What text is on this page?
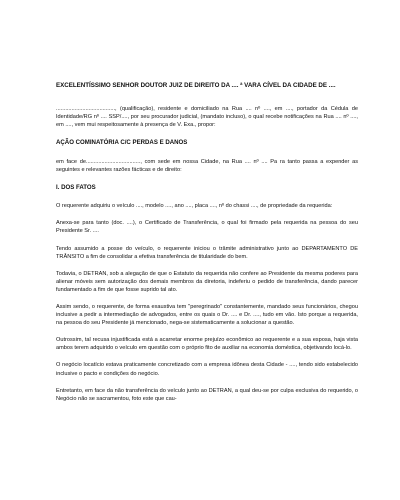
EXCELENTÍSSIMO SENHOR DOUTOR JUIZ DE DIREITO DA .... ª VARA CÍVEL DA CIDADE DE ....
......................................, (qualificação), residente e domiciliado na Rua .... nº ...., em ...., portador da Cédula de Identidade/RG nº .... SSP/...., por seu procurador judicial, (mandato incluso), o qual recebe notificações na Rua .... nº ...., em ...., vem mui respeitosamente à presença de V. Exa., propor:
AÇÃO COMINATÓRIA C/C PERDAS E DANOS
em face de..................................., com sede em nossa Cidade, na Rua .... nº .... Pa ra tanto passa a expender as seguintes e relevantes razões fácticas e de direito:
I. DOS FATOS
O requerente adquiriu o veículo ...., modelo ...., ano ...., placa ...., nº do chassi ...., de propriedade da requerida:
Anexa-se para tanto (doc. ....), o Certificado de Transferência, o qual foi firmado pela requerida na pessoa do seu Presidente Sr. ....
Tendo assumido a posse do veículo, o requerente iniciou o trâmite administrativo junto ao DEPARTAMENTO DE TRÂNSITO a fim de consolidar a efetiva transferência de titularidade do bem.
Todavia, o DETRAN, sob a alegação de que o Estatuto da requerida não confere ao Presidente da mesma poderes para alienar móveis sem autorização dos demais membros da diretoria, indeferiu o pedido de transferência, dando parecer fundamentado a fim de que fosse suprido tal ato.
Assim sendo, o requerente, de forma exaustiva tem "peregrinado" constantemente, mandado seus funcionários, chegou inclusive a pedir a intermediação de advogados, entre os quais o Dr. .... e Dr. ...., tudo em vão. Isto porque a requerida, na pessoa do seu Presidente já mencionado, nega-se sistematicamente a solucionar a questão.
Outrossim, tal recusa injustificada está a acarretar enorme prejuízo econômico ao requerente e a sua esposa, haja vista ambos terem adquirido o veículo em questão com o próprio fito de auxiliar na economia doméstica, objetivando locá-lo.
O negócio locatício estava praticamente concretizado com a empresa idônea desta Cidade - ...., tendo sido estabelecido inclusive o pacto e condições do negócio.
Entretanto, em face da não transferência do veículo junto ao DETRAN, a qual deu-se por culpa exclusiva do requerido, o Negócio não se sacramentou, foto este que cau-
